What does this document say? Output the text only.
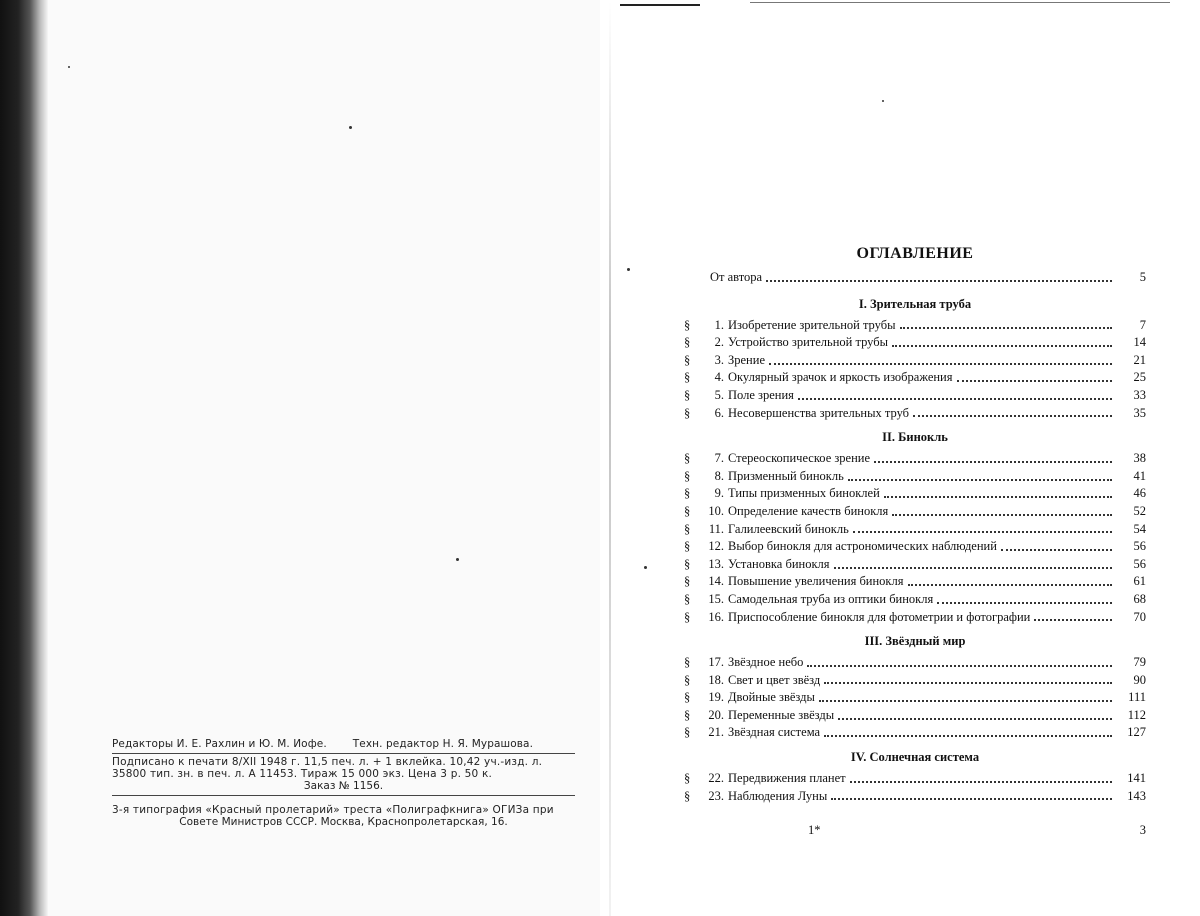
Редакторы И. Е. Рахлин и Ю. М. Иофе. Техн. редактор Н. Я. Мурашова.
Подписано к печати 8/XII 1948 г. 11,5 печ. л. + 1 вклейка. 10,42 уч.-изд. л.
35800 тип. зн. в печ. л. А 11453. Тираж 15 000 экз. Цена 3 р. 50 к.
Заказ № 1156.
3-я типография «Красный пролетарий» треста «Полиграфкнига» ОГИЗа при
Совете Министров СССР. Москва, Краснопролетарская, 16.
ОГЛАВЛЕНИЕ
От автора	5
I. Зрительная труба
§	1. Изобретение зрительной трубы	7
§	2. Устройство зрительной трубы	14
§	3. Зрение	21
§	4. Окулярный зрачок и яркость изображения	25
§	5. Поле зрения	33
§	6. Несовершенства зрительных труб	35
II. Бинокль
§	7. Стереоскопическое зрение	38
§	8. Призменный бинокль	41
§	9. Типы призменных биноклей	46
§	10. Определение качеств бинокля	52
§	11. Галилеевский бинокль	54
§	12. Выбор бинокля для астрономических наблюдений	56
§	13. Установка бинокля	56
§	14. Повышение увеличения бинокля	61
§	15. Самодельная труба из оптики бинокля	68
§	16. Приспособление бинокля для фотометрии и фотографии	70
III. Звёздный мир
§	17. Звёздное небо	79
§	18. Свет и цвет звёзд	90
§	19. Двойные звёзды	111
§	20. Переменные звёзды	112
§	21. Звёздная система	127
IV. Солнечная система
§	22. Передвижения планет	141
§	23. Наблюдения Луны	143
1*	3
